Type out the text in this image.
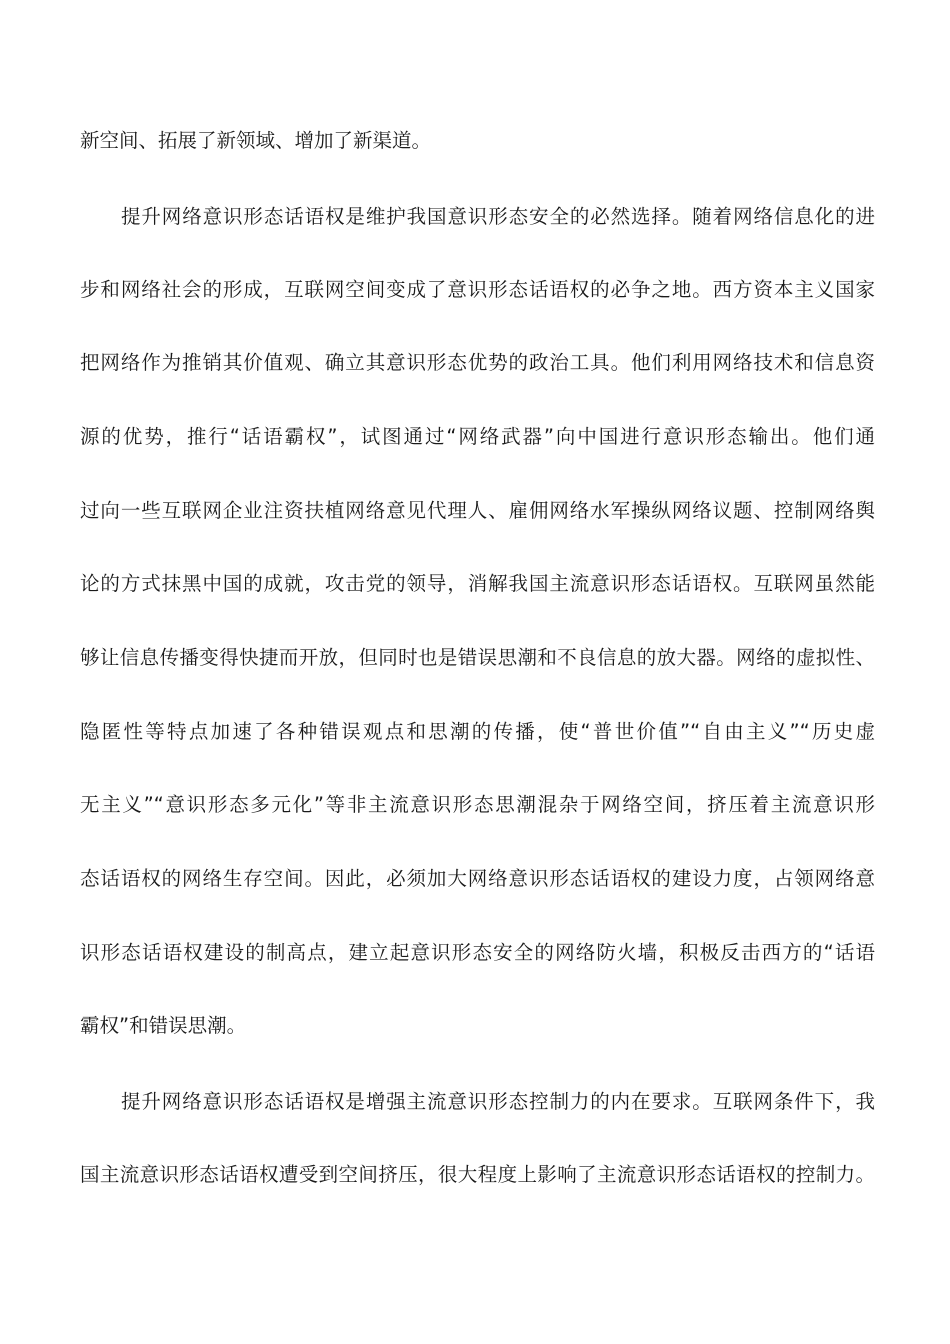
新空间、拓展了新领域、增加了新渠道。
提升网络意识形态话语权是维护我国意识形态安全的必然选择。随着网络信息化的进
步和网络社会的形成，互联网空间变成了意识形态话语权的必争之地。西方资本主义国家
把网络作为推销其价值观、确立其意识形态优势的政治工具。他们利用网络技术和信息资
源的优势，推行“话语霸权”，试图通过“网络武器”向中国进行意识形态输出。他们通
过向一些互联网企业注资扶植网络意见代理人、雇佣网络水军操纵网络议题、控制网络舆
论的方式抹黑中国的成就，攻击党的领导，消解我国主流意识形态话语权。互联网虽然能
够让信息传播变得快捷而开放，但同时也是错误思潮和不良信息的放大器。网络的虚拟性、
隐匿性等特点加速了各种错误观点和思潮的传播，使“普世价值”“自由主义”“历史虚
无主义”“意识形态多元化”等非主流意识形态思潮混杂于网络空间，挤压着主流意识形
态话语权的网络生存空间。因此，必须加大网络意识形态话语权的建设力度，占领网络意
识形态话语权建设的制高点，建立起意识形态安全的网络防火墙，积极反击西方的“话语
霸权”和错误思潮。
提升网络意识形态话语权是增强主流意识形态控制力的内在要求。互联网条件下，我
国主流意识形态话语权遭受到空间挤压，很大程度上影响了主流意识形态话语权的控制力。
